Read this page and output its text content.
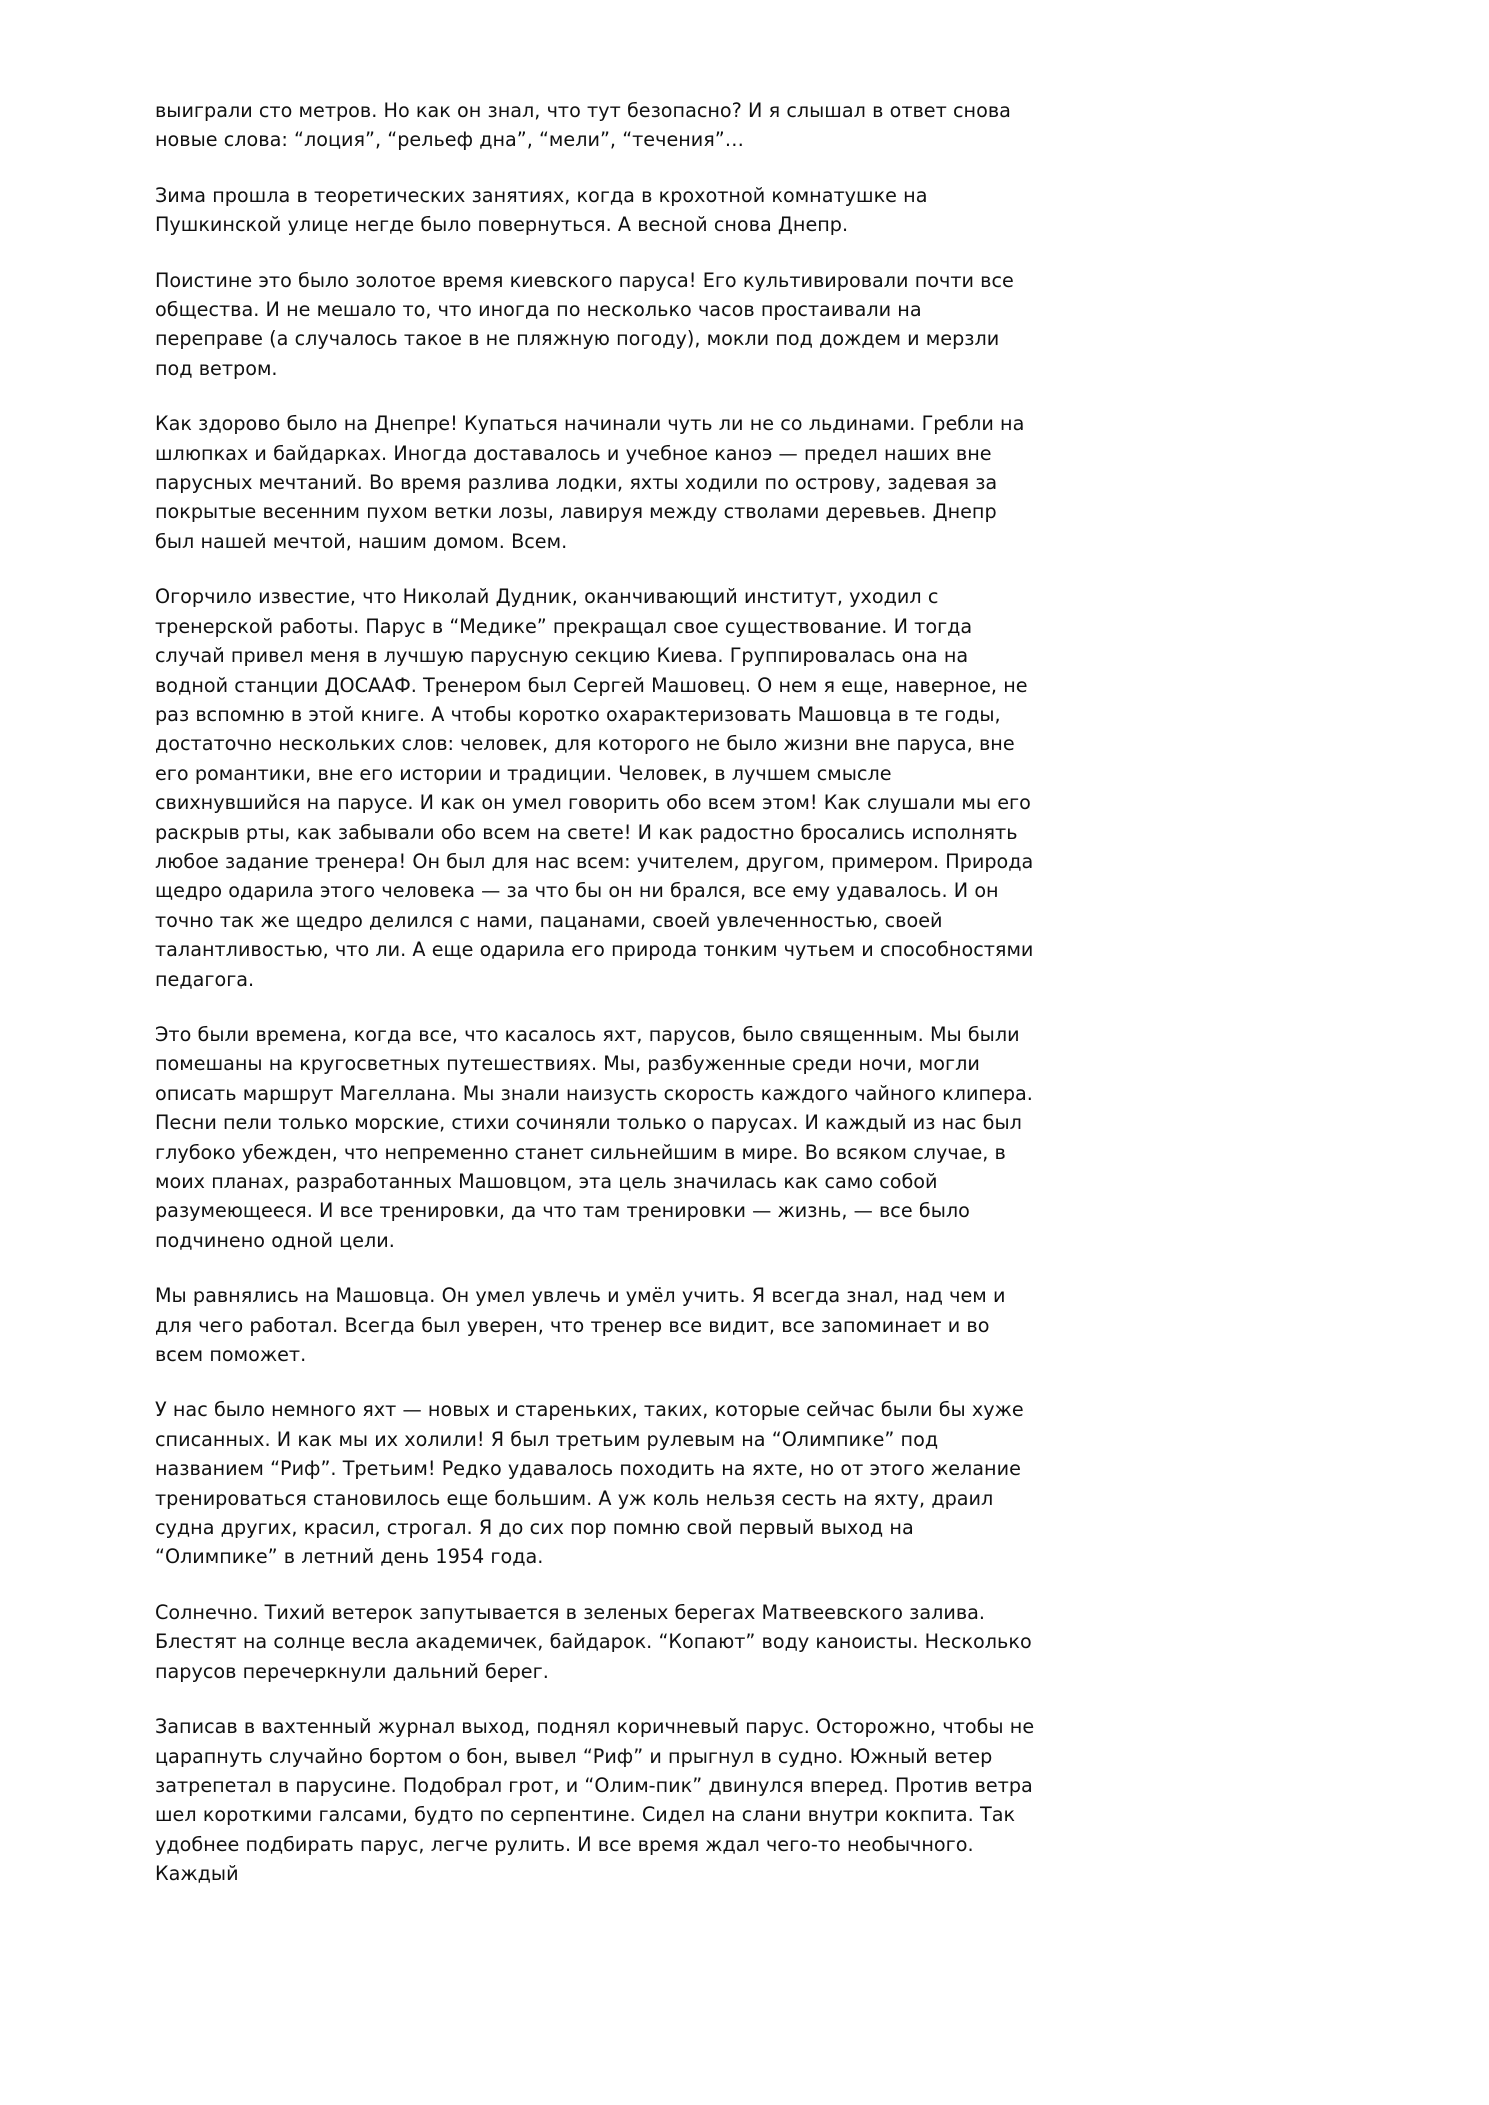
выиграли сто метров. Но как он знал, что тут безопасно? И я слышал в ответ снова новые слова: “лоция”, “рельеф дна”, “мели”, “течения”…

Зима прошла в теоретических занятиях, когда в крохотной комнатушке на Пушкинской улице негде было повернуться. А весной снова Днепр.

Поистине это было золотое время киевского паруса! Его культивировали почти все общества. И не мешало то, что иногда по несколько часов простаивали на переправе (а случалось такое в не пляжную погоду), мокли под дождем и мерзли под ветром.

Как здорово было на Днепре! Купаться начинали чуть ли не со льдинами. Гребли на шлюпках и байдарках. Иногда доставалось и учебное каноэ — предел наших вне парусных мечтаний. Во время разлива лодки, яхты ходили по острову, задевая за покрытые весенним пухом ветки лозы, лавируя между стволами деревьев. Днепр был нашей мечтой, нашим домом. Всем.

Огорчило известие, что Николай Дудник, оканчивающий институт, уходил с тренерской работы. Парус в “Медике” прекращал свое существование. И тогда случай привел меня в лучшую парусную секцию Киева. Группировалась она на водной станции ДОСААФ. Тренером был Сергей Машовец. О нем я еще, наверное, не раз вспомню в этой книге. А чтобы коротко охарактеризовать Машовца в те годы, достаточно нескольких слов: человек, для которого не было жизни вне паруса, вне его романтики, вне его истории и традиции. Человек, в лучшем смысле свихнувшийся на парусе. И как он умел говорить обо всем этом! Как слушали мы его раскрыв рты, как забывали обо всем на свете! И как радостно бросались исполнять любое задание тренера! Он был для нас всем: учителем, другом, примером. Природа щедро одарила этого человека — за что бы он ни брался, все ему удавалось. И он точно так же щедро делился с нами, пацанами, своей увлеченностью, своей талантливостью, что ли. А еще одарила его природа тонким чутьем и способностями педагога.

Это были времена, когда все, что касалось яхт, парусов, было священным. Мы были помешаны на кругосветных путешествиях. Мы, разбуженные среди ночи, могли описать маршрут Магеллана. Мы знали наизусть скорость каждого чайного клипера. Песни пели только морские, стихи сочиняли только о парусах. И каждый из нас был глубоко убежден, что непременно станет сильнейшим в мире. Во всяком случае, в моих планах, разработанных Машовцом, эта цель значилась как само собой разумеющееся. И все тренировки, да что там тренировки — жизнь, — все было подчинено одной цели.

Мы равнялись на Машовца. Он умел увлечь и умёл учить. Я всегда знал, над чем и для чего работал. Всегда был уверен, что тренер все видит, все запоминает и во всем поможет.

У нас было немного яхт — новых и стареньких, таких, которые сейчас были бы хуже списанных. И как мы их холили! Я был третьим рулевым на “Олимпике” под названием “Риф”. Третьим! Редко удавалось походить на яхте, но от этого желание тренироваться становилось еще большим. А уж коль нельзя сесть на яхту, драил судна других, красил, строгал. Я до сих пор помню свой первый выход на “Олимпике” в летний день 1954 года.

Солнечно. Тихий ветерок запутывается в зеленых берегах Матвеевского залива. Блестят на солнце весла академичек, байдарок. “Копают” воду каноисты. Несколько парусов перечеркнули дальний берег.

Записав в вахтенный журнал выход, поднял коричневый парус. Осторожно, чтобы не царапнуть случайно бортом о бон, вывел “Риф” и прыгнул в судно. Южный ветер затрепетал в парусине. Подобрал грот, и “Олим-пик” двинулся вперед. Против ветра шел короткими галсами, будто по серпентине. Сидел на слани внутри кокпита. Так удобнее подбирать парус, легче рулить. И все время ждал чего-то необычного. Каждый
